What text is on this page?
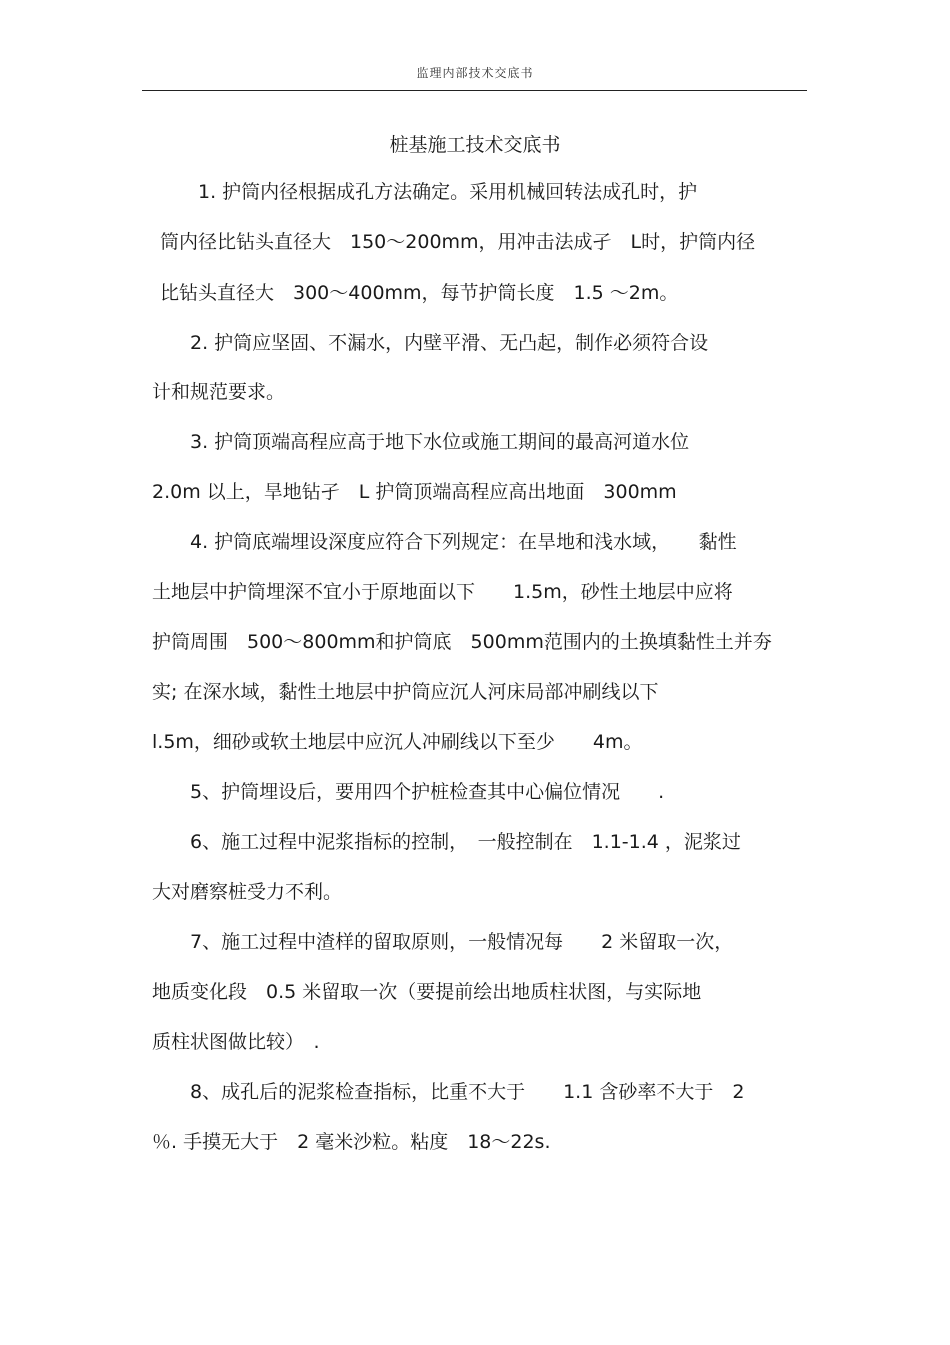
监理内部技术交底书
桩基施工技术交底书
1. 护筒内径根据成孔方法确定。采用机械回转法成孔时，护
筒内径比钻头直径大　150～200mm，用冲击法成孑　L时，护筒内径
比钻头直径大　300～400mm，每节护筒长度　1.5 ～2m。
2. 护筒应坚固、不漏水，内壁平滑、无凸起，制作必须符合设
计和规范要求。
3. 护筒顶端高程应高于地下水位或施工期间的最高河道水位
2.0m 以上，旱地钻孑　L 护筒顶端高程应高出地面　300mm
4. 护筒底端埋设深度应符合下列规定：在旱地和浅水域，　　黏性
土地层中护筒埋深不宜小于原地面以下　　1.5m，砂性土地层中应将
护筒周围　500～800mm和护筒底　500mm范围内的土换填黏性土并夯
实; 在深水域，黏性土地层中护筒应沉人河床局部冲刷线以下
l.5m，细砂或软土地层中应沉人冲刷线以下至少　　4m。
5、护筒埋设后，要用四个护桩检查其中心偏位情况　　.
6、施工过程中泥浆指标的控制，　一般控制在　1.1-1.4 ，泥浆过
大对磨察桩受力不利。
7、施工过程中渣样的留取原则，一般情况每　　2 米留取一次，
地质变化段　0.5 米留取一次（要提前绘出地质柱状图，与实际地
质柱状图做比较）　.
8、成孔后的泥浆检查指标，比重不大于　　1.1 含砂率不大于　2
％. 手摸无大于　2 毫米沙粒。粘度　18～22s.
